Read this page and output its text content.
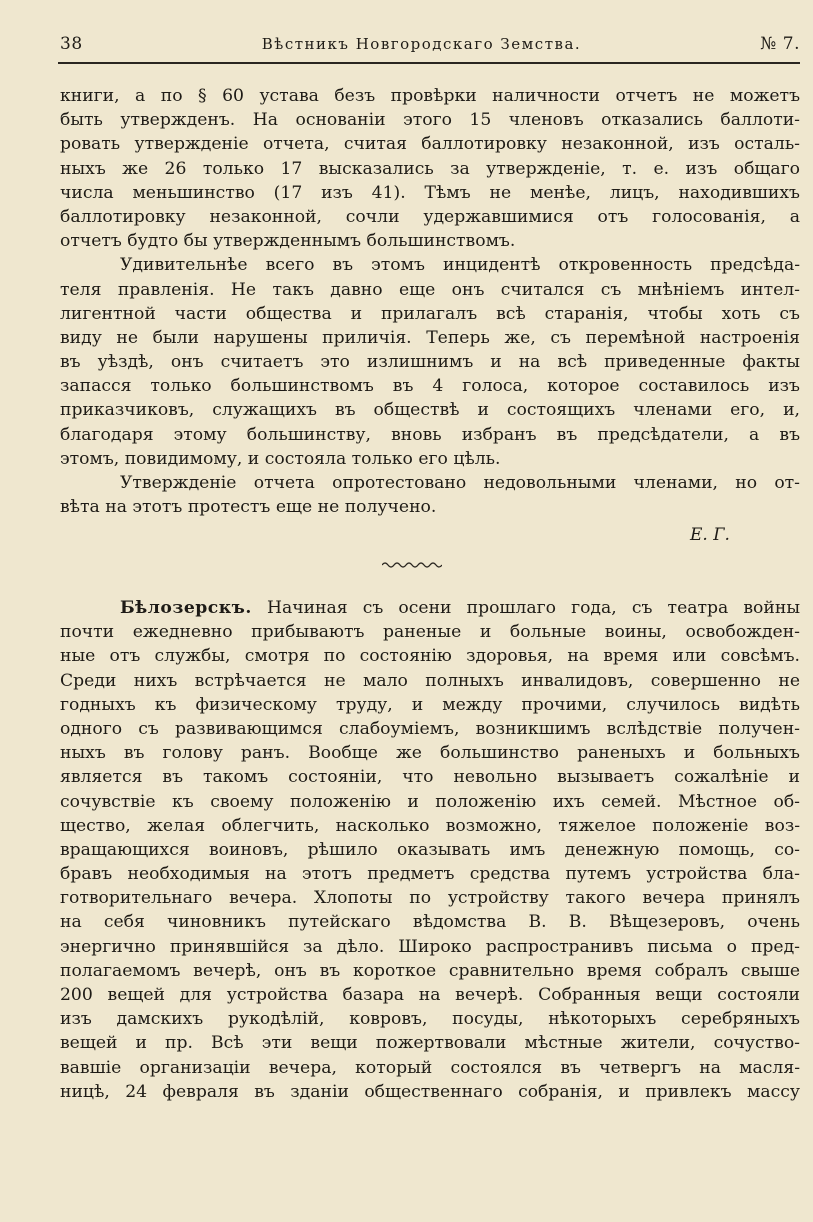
38	Вѣстникъ Новгородскаго Земства.	№ 7.
книги, а по § 60 устава безъ провѣрки наличности отчетъ не можетъ
быть утвержденъ. На основаніи этого 15 членовъ отказались баллоти-
ровать утвержденіе отчета, считая баллотировку незаконной, изъ осталь-
ныхъ же 26 только 17 высказались за утвержденіе, т. е. изъ общаго
числа меньшинство (17 изъ 41). Тѣмъ не менѣе, лицъ, находившихъ
баллотировку незаконной, сочли удержавшимися отъ голосованія, а
отчетъ будто бы утвержденнымъ большинствомъ.
Удивительнѣе всего въ этомъ инцидентѣ откровенность предсѣда-
теля правленія. Не такъ давно еще онъ считался съ мнѣніемъ интел-
лигентной части общества и прилагалъ всѣ старанія, чтобы хоть съ
виду не были нарушены приличія. Теперь же, съ перемѣной настроенія
въ уѣздѣ, онъ считаетъ это излишнимъ и на всѣ приведенные факты
запасся только большинствомъ въ 4 голоса, которое составилось изъ
приказчиковъ, служащихъ въ обществѣ и состоящихъ членами его, и,
благодаря этому большинству, вновь избранъ въ предсѣдатели, а въ
этомъ, повидимому, и состояла только его цѣль.
Утвержденіе отчета опротестовано недовольными членами, но от-
вѣта на этотъ протестъ еще не получено.
Е. Г.
Бѣлозерскъ. Начиная съ осени прошлаго года, съ театра войны
почти ежедневно прибываютъ раненые и больные воины, освобожден-
ные отъ службы, смотря по состоянію здоровья, на время или совсѣмъ.
Среди нихъ встрѣчается не мало полныхъ инвалидовъ, совершенно не
годныхъ къ физическому труду, и между прочими, случилось видѣть
одного съ развивающимся слабоуміемъ, возникшимъ вслѣдствіе получен-
ныхъ въ голову ранъ. Вообще же большинство раненыхъ и больныхъ
является въ такомъ состояніи, что невольно вызываетъ сожалѣніе и
сочувствіе къ своему положенію и положенію ихъ семей. Мѣстное об-
щество, желая облегчить, насколько возможно, тяжелое положеніе воз-
вращающихся воиновъ, рѣшило оказывать имъ денежную помощь, со-
бравъ необходимыя на этотъ предметъ средства путемъ устройства бла-
готворительнаго вечера. Хлопоты по устройству такого вечера принялъ
на себя чиновникъ путейскаго вѣдомства В. В. Вѣщезеровъ, очень
энергично принявшійся за дѣло. Широко распространивъ письма о пред-
полагаемомъ вечерѣ, онъ въ короткое сравнительно время собралъ свыше
200 вещей для устройства базара на вечерѣ. Собранныя вещи состояли
изъ дамскихъ рукодѣлій, ковровъ, посуды, нѣкоторыхъ серебряныхъ
вещей и пр. Всѣ эти вещи пожертвовали мѣстные жители, сочуство-
вавшіе организаціи вечера, который состоялся въ четвергъ на масля-
ницѣ, 24 февраля въ зданіи общественнаго собранія, и привлекъ массу
